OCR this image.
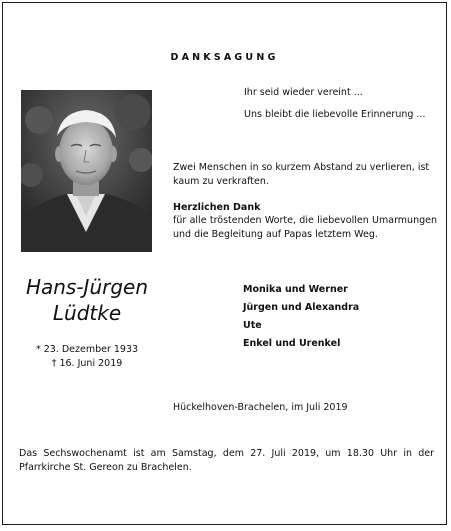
DANKSAGUNG
Ihr seid wieder vereint ...
Uns bleibt die liebevolle Erinnerung ...
Zwei Menschen in so kurzem Abstand zu verlieren, ist kaum zu verkraften.
Herzlichen Dank
für alle tröstenden Worte, die liebevollen Umarmungen und die Begleitung auf Papas letztem Weg.
Hans-Jürgen
Lüdtke
* 23. Dezember 1933
† 16. Juni 2019
Monika und Werner
Jürgen und Alexandra
Ute
Enkel und Urenkel
Hückelhoven-Brachelen, im Juli 2019
Das Sechswochenamt ist am Samstag, dem 27. Juli 2019, um 18.30 Uhr in der Pfarrkirche St. Gereon zu Brachelen.
